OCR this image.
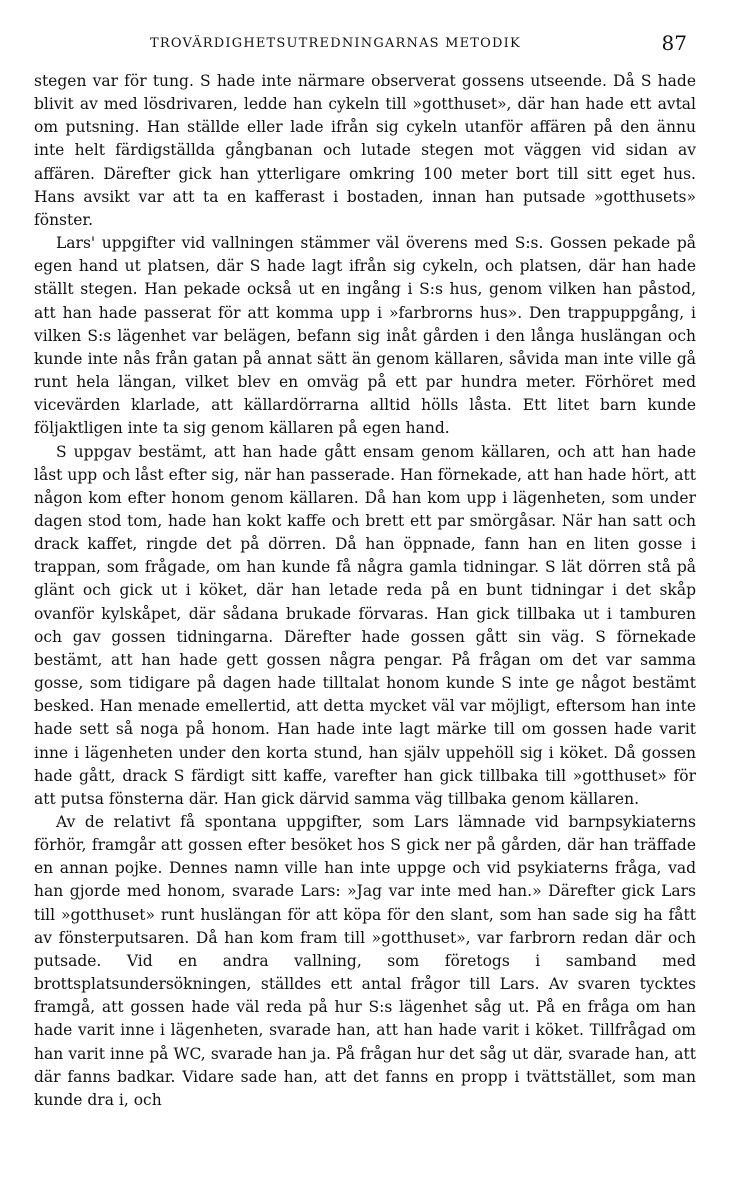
TROVÄRDIGHETSUTREDNINGARNAS METODIK	87

stegen var för tung. S hade inte närmare observerat gossens utseende. Då S hade blivit av med lösdrivaren, ledde han cykeln till »gotthuset», där han hade ett avtal om putsning. Han ställde eller lade ifrån sig cykeln utanför affären på den ännu inte helt färdigställda gångbanan och lutade stegen mot väggen vid sidan av affären. Därefter gick han ytterligare omkring 100 meter bort till sitt eget hus. Hans avsikt var att ta en kafferast i bostaden, innan han putsade »gotthusets» fönster.

Lars' uppgifter vid vallningen stämmer väl överens med S:s. Gossen pekade på egen hand ut platsen, där S hade lagt ifrån sig cykeln, och platsen, där han hade ställt stegen. Han pekade också ut en ingång i S:s hus, genom vilken han påstod, att han hade passerat för att komma upp i »farbrorns hus». Den trappuppgång, i vilken S:s lägenhet var belägen, befann sig inåt gården i den långa huslängan och kunde inte nås från gatan på annat sätt än genom källaren, såvida man inte ville gå runt hela längan, vilket blev en omväg på ett par hundra meter. Förhöret med vicevärden klarlade, att källardörrarna alltid hölls låsta. Ett litet barn kunde följaktligen inte ta sig genom källaren på egen hand.

S uppgav bestämt, att han hade gått ensam genom källaren, och att han hade låst upp och låst efter sig, när han passerade. Han förnekade, att han hade hört, att någon kom efter honom genom källaren. Då han kom upp i lägenheten, som under dagen stod tom, hade han kokt kaffe och brett ett par smörgåsar. När han satt och drack kaffet, ringde det på dörren. Då han öppnade, fann han en liten gosse i trappan, som frågade, om han kunde få några gamla tidningar. S lät dörren stå på glänt och gick ut i köket, där han letade reda på en bunt tidningar i det skåp ovanför kylskåpet, där sådana brukade förvaras. Han gick tillbaka ut i tamburen och gav gossen tidningarna. Därefter hade gossen gått sin väg. S förnekade bestämt, att han hade gett gossen några pengar. På frågan om det var samma gosse, som tidigare på dagen hade tilltalat honom kunde S inte ge något bestämt besked. Han menade emellertid, att detta mycket väl var möjligt, eftersom han inte hade sett så noga på honom. Han hade inte lagt märke till om gossen hade varit inne i lägenheten under den korta stund, han själv uppehöll sig i köket. Då gossen hade gått, drack S färdigt sitt kaffe, varefter han gick tillbaka till »gotthuset» för att putsa fönsterna där. Han gick därvid samma väg tillbaka genom källaren.

Av de relativt få spontana uppgifter, som Lars lämnade vid barnpsykiaterns förhör, framgår att gossen efter besöket hos S gick ner på gården, där han träffade en annan pojke. Dennes namn ville han inte uppge och vid psykiaterns fråga, vad han gjorde med honom, svarade Lars: »Jag var inte med han.» Därefter gick Lars till »gotthuset» runt huslängan för att köpa för den slant, som han sade sig ha fått av fönsterputsaren. Då han kom fram till »gotthuset», var farbrorn redan där och putsade. Vid en andra vallning, som företogs i samband med brottsplatsundersökningen, ställdes ett antal frågor till Lars. Av svaren tycktes framgå, att gossen hade väl reda på hur S:s lägenhet såg ut. På en fråga om han hade varit inne i lägenheten, svarade han, att han hade varit i köket. Tillfrågad om han varit inne på WC, svarade han ja. På frågan hur det såg ut där, svarade han, att där fanns badkar. Vidare sade han, att det fanns en propp i tvättstället, som man kunde dra i, och
